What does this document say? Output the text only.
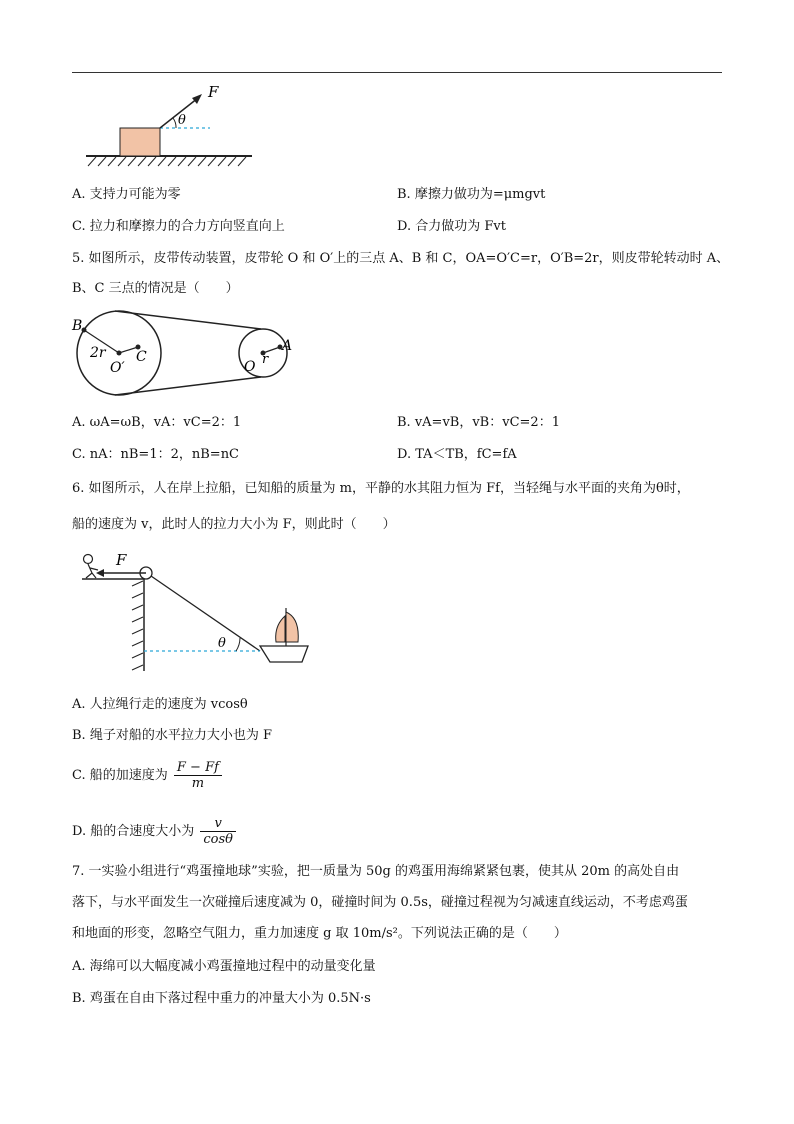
F
θ
A. 支持力可能为零	B. 摩擦力做功为=μmgvt
C. 拉力和摩擦力的合力方向竖直向上	D. 合力做功为 Fvt
5. 如图所示，皮带传动装置，皮带轮 O 和 O′上的三点 A、B 和 C，OA=O′C=r，O′B=2r，则皮带轮转动时 A、
B、C 三点的情况是（　　）
B
2r C
O′	O r
A
A. ωA=ωB，vA：vC=2：1	B. vA=vB，vB：vC=2：1
C. nA：nB=1：2，nB=nC	D. TA＜TB，fC=fA
6. 如图所示，人在岸上拉船，已知船的质量为 m，平静的水其阻力恒为 Ff，当轻绳与水平面的夹角为θ时，
船的速度为 v，此时人的拉力大小为 F，则此时（　　）
F
θ
A. 人拉绳行走的速度为 vcosθ
B. 绳子对船的水平拉力大小也为 F
C. 船的加速度为 $\frac{F - Ff}{m}$
D. 船的合速度大小为 $\frac{v}{\cos\theta}$
7. 一实验小组进行“鸡蛋撞地球”实验，把一质量为 50g 的鸡蛋用海绵紧紧包裹，使其从 20m 的高处自由
落下，与水平面发生一次碰撞后速度减为 0，碰撞时间为 0.5s，碰撞过程视为匀减速直线运动，不考虑鸡蛋
和地面的形变，忽略空气阻力，重力加速度 g 取 10m/s²。下列说法正确的是（　　）
A. 海绵可以大幅度减小鸡蛋撞地过程中的动量变化量
B. 鸡蛋在自由下落过程中重力的冲量大小为 0.5N·s
